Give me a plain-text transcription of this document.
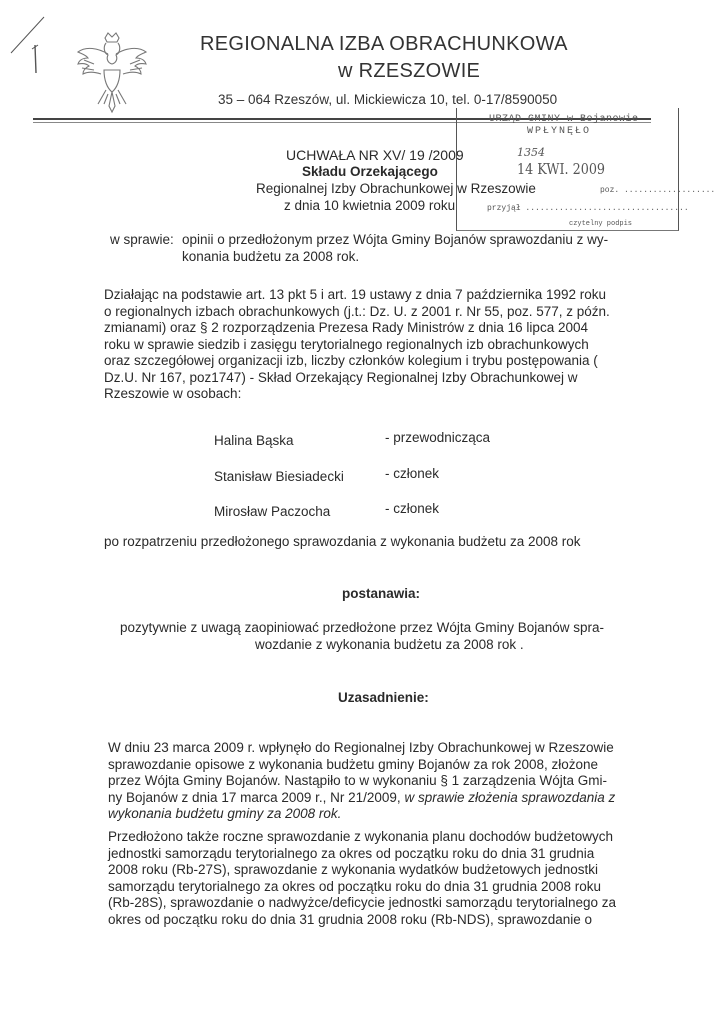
REGIONALNA IZBA OBRACHUNKOWA
w RZESZOWIE
35 – 064 Rzeszów, ul. Mickiewicza 10, tel. 0-17/8590050
URZĄD GMINY w Bojanowie
WPŁYNĘŁO
14 KWI. 2009
poz. ...................
przyjął ..................................
czytelny podpis
1354
UCHWAŁA NR XV/ 19 /2009
Składu Orzekającego
Regionalnej Izby Obrachunkowej w Rzeszowie
z dnia 10 kwietnia 2009 roku
w sprawie: opinii o przedłożonym przez Wójta Gminy Bojanów sprawozdaniu z wy-
konania budżetu za 2008 rok.
Działając na podstawie art. 13 pkt 5 i art. 19 ustawy z dnia 7 października 1992 roku
o regionalnych izbach obrachunkowych (j.t.: Dz. U. z 2001 r. Nr 55, poz. 577, z późn.
zmianami) oraz § 2 rozporządzenia Prezesa Rady Ministrów z dnia 16 lipca 2004
roku w sprawie siedzib i zasięgu terytorialnego regionalnych izb obrachunkowych
oraz szczegółowej organizacji izb, liczby członków kolegium i trybu postępowania (
Dz.U. Nr 167, poz1747) - Skład Orzekający Regionalnej Izby Obrachunkowej w
Rzeszowie w osobach:
Halina Bąska	- przewodnicząca
Stanisław Biesiadecki	- członek
Mirosław Paczocha	- członek
po rozpatrzeniu przedłożonego sprawozdania z wykonania budżetu za 2008 rok
postanawia:
pozytywnie z uwagą zaopiniować przedłożone przez Wójta Gminy Bojanów spra-
wozdanie z wykonania budżetu za 2008 rok .
Uzasadnienie:
W dniu 23 marca 2009 r. wpłynęło do Regionalnej Izby Obrachunkowej w Rzeszowie
sprawozdanie opisowe z wykonania budżetu gminy Bojanów za rok 2008, złożone
przez Wójta Gminy Bojanów. Nastąpiło to w wykonaniu § 1 zarządzenia Wójta Gmi-
ny Bojanów z dnia 17 marca 2009 r., Nr 21/2009, w sprawie złożenia sprawozdania z
wykonania budżetu gminy za 2008 rok.
Przedłożono także roczne sprawozdanie z wykonania planu dochodów budżetowych
jednostki samorządu terytorialnego za okres od początku roku do dnia 31 grudnia
2008 roku (Rb-27S), sprawozdanie z wykonania wydatków budżetowych jednostki
samorządu terytorialnego za okres od początku roku do dnia 31 grudnia 2008 roku
(Rb-28S), sprawozdanie o nadwyżce/deficycie jednostki samorządu terytorialnego za
okres od początku roku do dnia 31 grudnia 2008 roku (Rb-NDS), sprawozdanie o
